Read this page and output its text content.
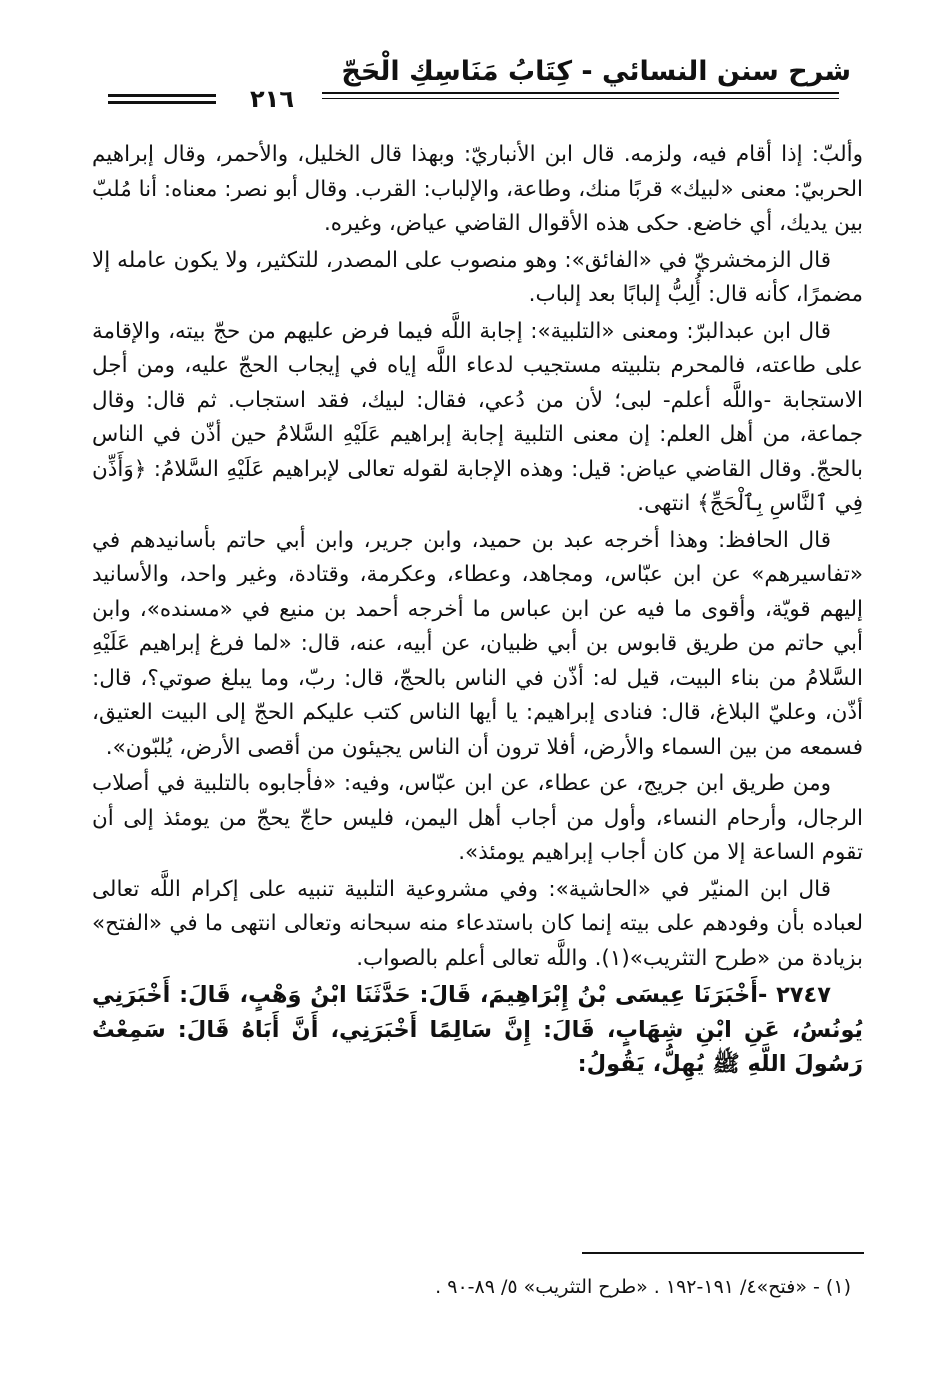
شرح سنن النسائي - كِتَابُ مَنَاسِكِ الْحَجّ
٢١٦

وألبّ: إذا أقام فيه، ولزمه. قال ابن الأنباريّ: وبهذا قال الخليل، والأحمر، وقال إبراهيم الحربيّ: معنى «لبيك» قربًا منك، وطاعة، والإلباب: القرب. وقال أبو نصر: معناه: أنا مُلبّ بين يديك، أي خاضع. حكى هذه الأقوال القاضي عياض، وغيره.

قال الزمخشريّ في «الفائق»: وهو منصوب على المصدر، للتكثير، ولا يكون عامله إلا مضمرًا، كأنه قال: أُلِبُّ إلبابًا بعد إلباب.

قال ابن عبدالبرّ: ومعنى «التلبية»: إجابة اللَّه فيما فرض عليهم من حجّ بيته، والإقامة على طاعته، فالمحرم بتلبيته مستجيب لدعاء اللَّه إياه في إيجاب الحجّ عليه، ومن أجل الاستجابة -واللَّه أعلم- لبى؛ لأن من دُعي، فقال: لبيك، فقد استجاب. ثم قال: وقال جماعة، من أهل العلم: إن معنى التلبية إجابة إبراهيم عَلَيْهِ السَّلامُ حين أذّن في الناس بالحجّ. وقال القاضي عياض: قيل: وهذه الإجابة لقوله تعالى لإبراهيم عَلَيْهِ السَّلامُ: ﴿وَأَذِّن فِي ٱلنَّاسِ بِٱلْحَجِّ﴾ انتهى.

قال الحافظ: وهذا أخرجه عبد بن حميد، وابن جرير، وابن أبي حاتم بأسانيدهم في «تفاسيرهم» عن ابن عبّاس، ومجاهد، وعطاء، وعكرمة، وقتادة، وغير واحد، والأسانيد إليهم قويّة، وأقوى ما فيه عن ابن عباس ما أخرجه أحمد بن منيع في «مسنده»، وابن أبي حاتم من طريق قابوس بن أبي ظبيان، عن أبيه، عنه، قال: «لما فرغ إبراهيم عَلَيْهِ السَّلامُ من بناء البيت، قيل له: أذّن في الناس بالحجّ، قال: ربّ، وما يبلغ صوتي؟، قال: أذّن، وعليّ البلاغ، قال: فنادى إبراهيم: يا أيها الناس كتب عليكم الحجّ إلى البيت العتيق، فسمعه من بين السماء والأرض، أفلا ترون أن الناس يجيئون من أقصى الأرض، يُلبّون».

ومن طريق ابن جريج، عن عطاء، عن ابن عبّاس، وفيه: «فأجابوه بالتلبية في أصلاب الرجال، وأرحام النساء، وأول من أجاب أهل اليمن، فليس حاجّ يحجّ من يومئذ إلى أن تقوم الساعة إلا من كان أجاب إبراهيم يومئذ».

قال ابن المنيّر في «الحاشية»: وفي مشروعية التلبية تنبيه على إكرام اللَّه تعالى لعباده بأن وفودهم على بيته إنما كان باستدعاء منه سبحانه وتعالى انتهى ما في «الفتح» بزيادة من «طرح التثريب»(١). واللَّه تعالى أعلم بالصواب.

٢٧٤٧ -أَخْبَرَنَا عِيسَى بْنُ إِبْرَاهِيمَ، قَالَ: حَدَّثَنَا ابْنُ وَهْبٍ، قَالَ: أَخْبَرَنِي يُونُسُ، عَنِ ابْنِ شِهَابٍ، قَالَ: إِنَّ سَالِمًا أَخْبَرَنِي، أَنَّ أَبَاهُ قَالَ: سَمِعْتُ رَسُولَ اللَّهِ ﷺ يُهِلُّ، يَقُولُ:

(١) - «فتح»٤/ ١٩١-١٩٢ . «طرح التثريب» ٥/ ٨٩-٩٠ .
